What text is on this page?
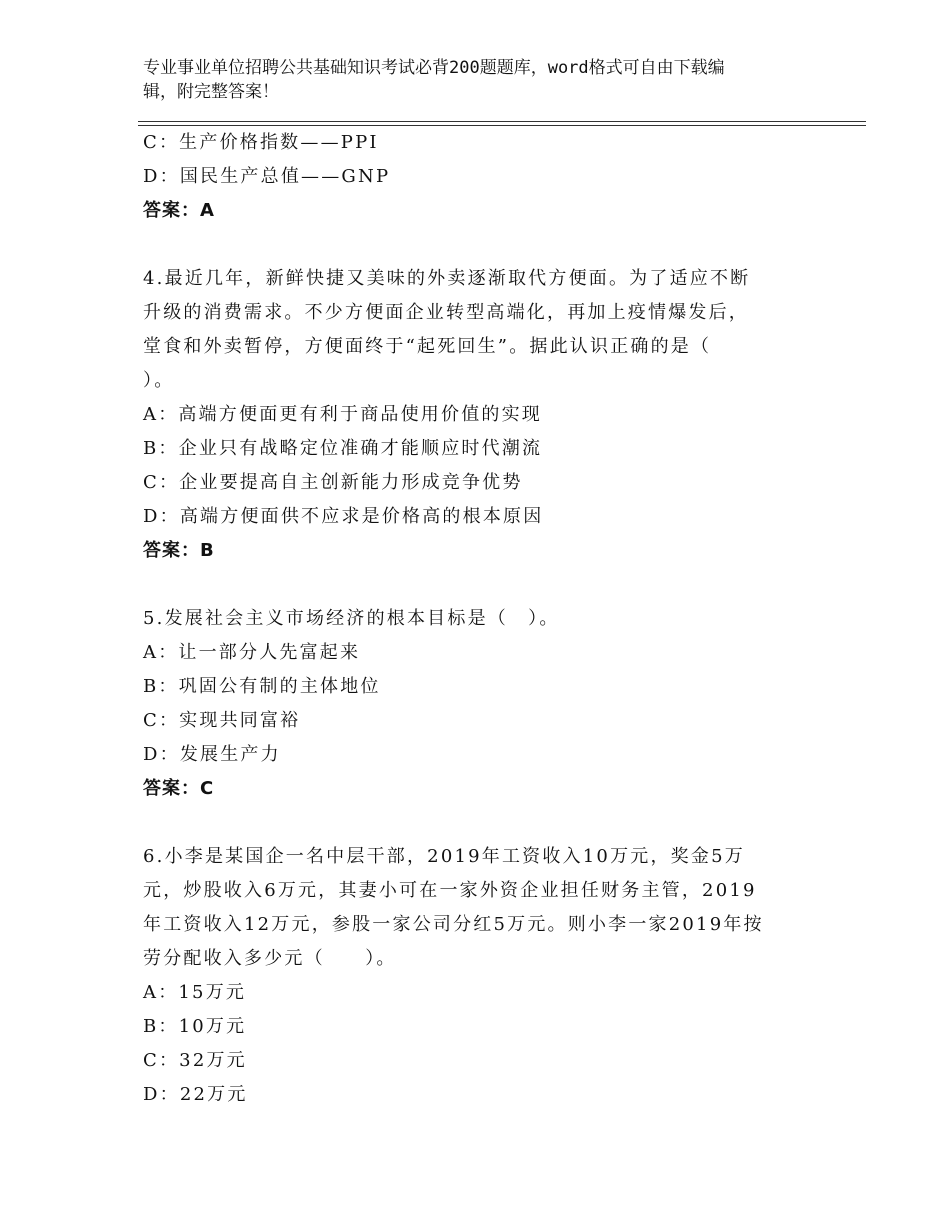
专业事业单位招聘公共基础知识考试必背200题题库，word格式可自由下载编
辑，附完整答案！
C：生产价格指数——PPI
D：国民生产总值——GNP
答案：A
4.最近几年，新鲜快捷又美味的外卖逐渐取代方便面。为了适应不断
升级的消费需求。不少方便面企业转型高端化，再加上疫情爆发后，
堂食和外卖暂停，方便面终于“起死回生”。据此认识正确的是（
）。
A：高端方便面更有利于商品使用价值的实现
B：企业只有战略定位准确才能顺应时代潮流
C：企业要提高自主创新能力形成竞争优势
D：高端方便面供不应求是价格高的根本原因
答案：B
5.发展社会主义市场经济的根本目标是（　）。
A：让一部分人先富起来
B：巩固公有制的主体地位
C：实现共同富裕
D：发展生产力
答案：C
6.小李是某国企一名中层干部，2019年工资收入10万元，奖金5万
元，炒股收入6万元，其妻小可在一家外资企业担任财务主管，2019
年工资收入12万元，参股一家公司分红5万元。则小李一家2019年按
劳分配收入多少元（　　）。
A：15万元
B：10万元
C：32万元
D：22万元
